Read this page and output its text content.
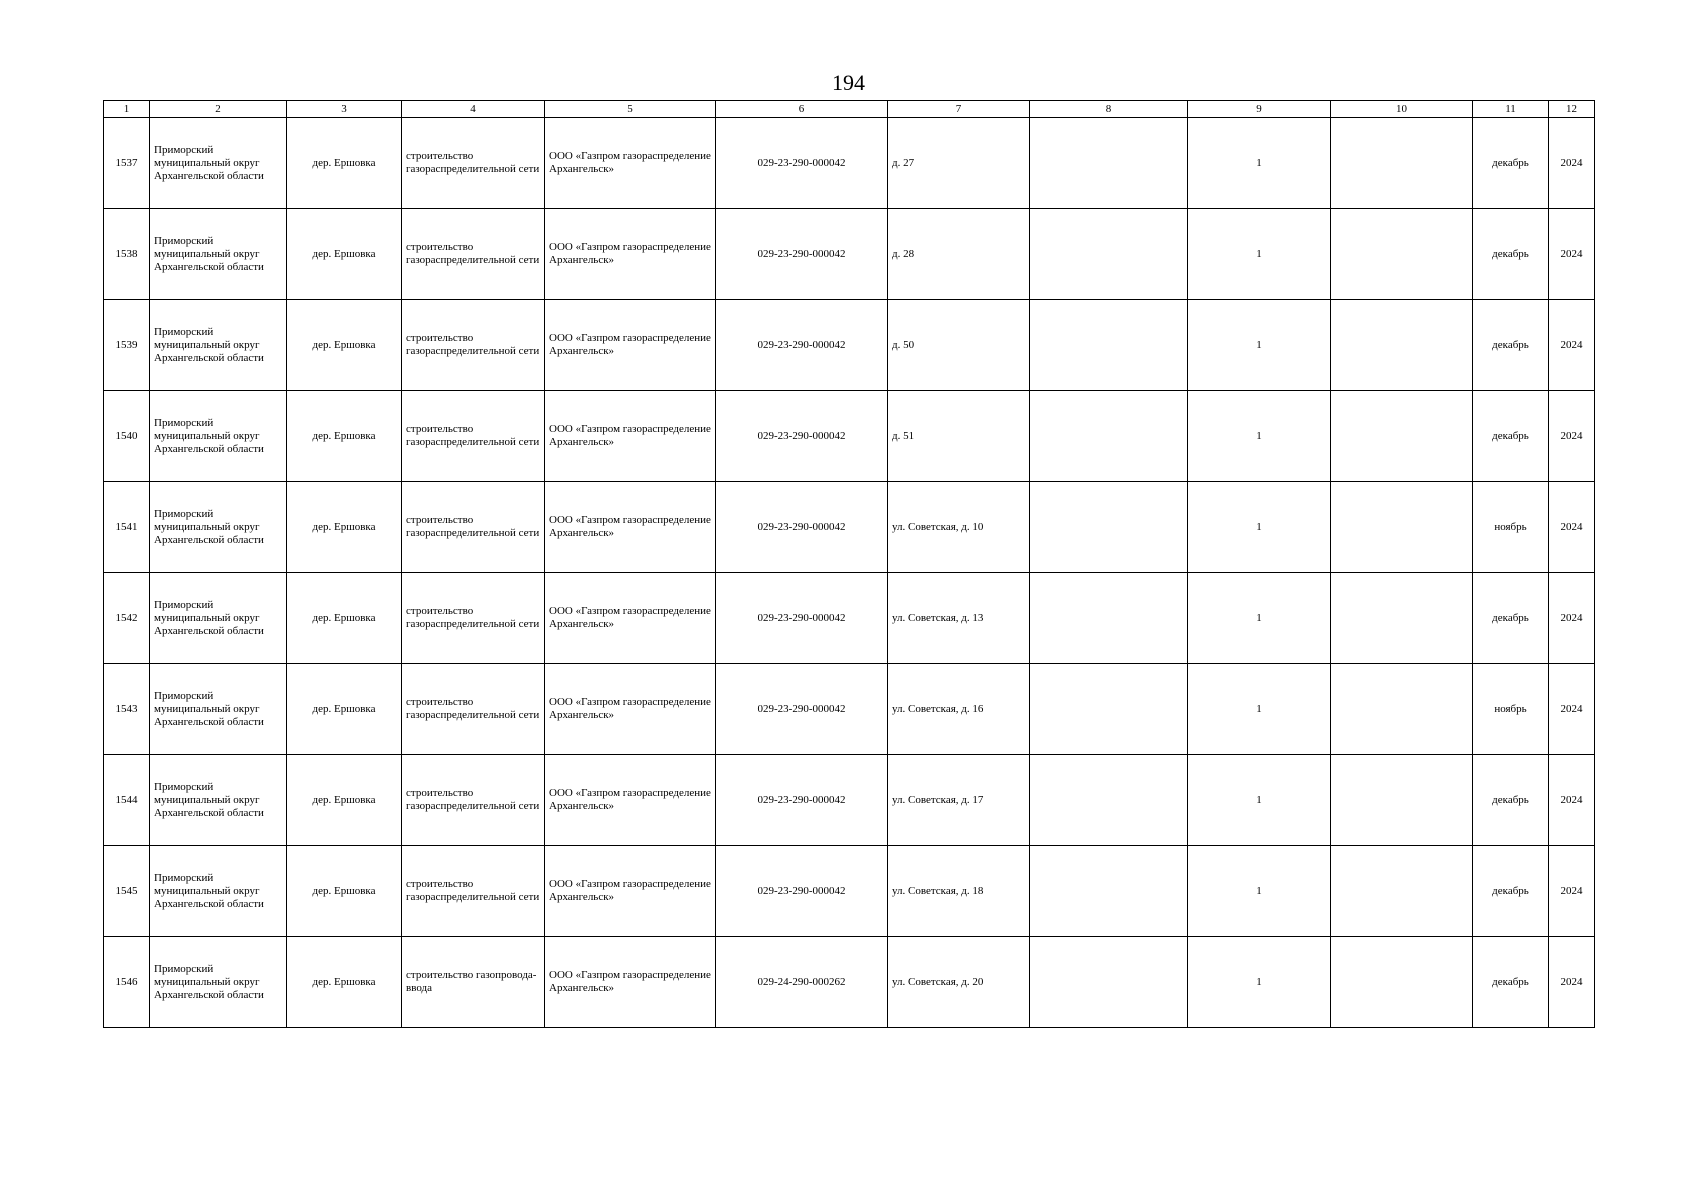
194
1	2	3	4	5	6	7	8	9	10	11	12
1537	Приморский муниципальный округ Архангельской области	дер. Ершовка	строительство газораспределительной сети	ООО «Газпром газораспределение Архангельск»	029-23-290-000042	д. 27		1		декабрь	2024
1538	Приморский муниципальный округ Архангельской области	дер. Ершовка	строительство газораспределительной сети	ООО «Газпром газораспределение Архангельск»	029-23-290-000042	д. 28		1		декабрь	2024
1539	Приморский муниципальный округ Архангельской области	дер. Ершовка	строительство газораспределительной сети	ООО «Газпром газораспределение Архангельск»	029-23-290-000042	д. 50		1		декабрь	2024
1540	Приморский муниципальный округ Архангельской области	дер. Ершовка	строительство газораспределительной сети	ООО «Газпром газораспределение Архангельск»	029-23-290-000042	д. 51		1		декабрь	2024
1541	Приморский муниципальный округ Архангельской области	дер. Ершовка	строительство газораспределительной сети	ООО «Газпром газораспределение Архангельск»	029-23-290-000042	ул. Советская, д. 10		1		ноябрь	2024
1542	Приморский муниципальный округ Архангельской области	дер. Ершовка	строительство газораспределительной сети	ООО «Газпром газораспределение Архангельск»	029-23-290-000042	ул. Советская, д. 13		1		декабрь	2024
1543	Приморский муниципальный округ Архангельской области	дер. Ершовка	строительство газораспределительной сети	ООО «Газпром газораспределение Архангельск»	029-23-290-000042	ул. Советская, д. 16		1		ноябрь	2024
1544	Приморский муниципальный округ Архангельской области	дер. Ершовка	строительство газораспределительной сети	ООО «Газпром газораспределение Архангельск»	029-23-290-000042	ул. Советская, д. 17		1		декабрь	2024
1545	Приморский муниципальный округ Архангельской области	дер. Ершовка	строительство газораспределительной сети	ООО «Газпром газораспределение Архангельск»	029-23-290-000042	ул. Советская, д. 18		1		декабрь	2024
1546	Приморский муниципальный округ Архангельской области	дер. Ершовка	строительство газопровода-ввода	ООО «Газпром газораспределение Архангельск»	029-24-290-000262	ул. Советская, д. 20		1		декабрь	2024
